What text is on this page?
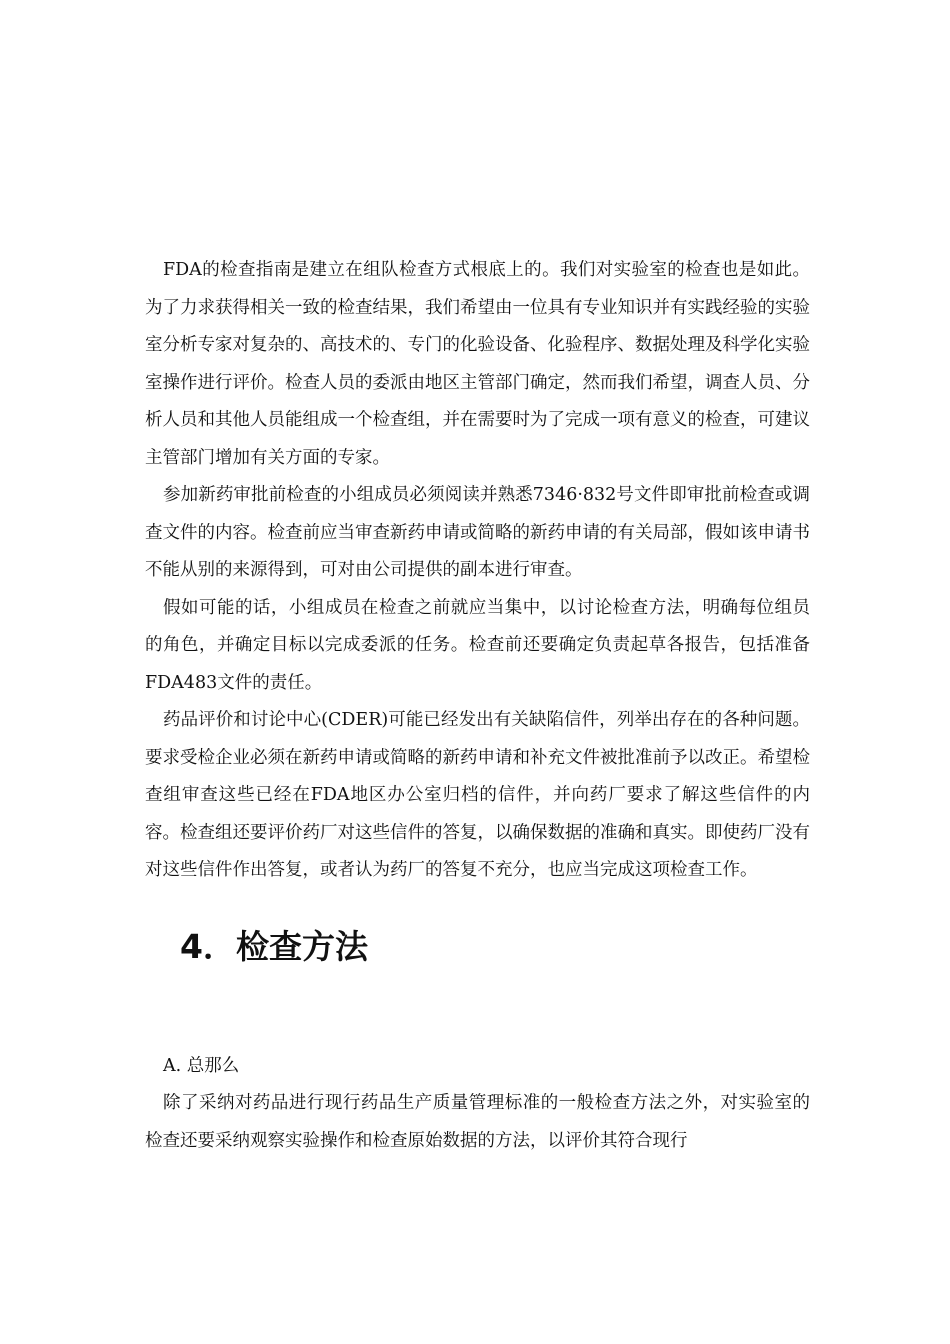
FDA的检查指南是建立在组队检查方式根底上的。我们对实验室的检查也是如此。为了力求获得相关一致的检查结果，我们希望由一位具有专业知识并有实践经验的实验室分析专家对复杂的、高技术的、专门的化验设备、化验程序、数据处理及科学化实验室操作进行评价。检查人员的委派由地区主管部门确定，然而我们希望，调查人员、分析人员和其他人员能组成一个检查组，并在需要时为了完成一项有意义的检查，可建议主管部门增加有关方面的专家。

参加新药审批前检查的小组成员必须阅读并熟悉7346·832号文件即审批前检查或调查文件的内容。检查前应当审查新药申请或简略的新药申请的有关局部，假如该申请书不能从别的来源得到，可对由公司提供的副本进行审查。

假如可能的话，小组成员在检查之前就应当集中，以讨论检查方法，明确每位组员的角色，并确定目标以完成委派的任务。检查前还要确定负责起草各报告，包括准备FDA483文件的责任。

药品评价和讨论中心(CDER)可能已经发出有关缺陷信件，列举出存在的各种问题。要求受检企业必须在新药申请或简略的新药申请和补充文件被批准前予以改正。希望检查组审查这些已经在FDA地区办公室归档的信件，并向药厂要求了解这些信件的内容。检查组还要评价药厂对这些信件的答复，以确保数据的准确和真实。即使药厂没有对这些信件作出答复，或者认为药厂的答复不充分，也应当完成这项检查工作。

4．检查方法

A. 总那么

除了采纳对药品进行现行药品生产质量管理标准的一般检查方法之外，对实验室的检查还要采纳观察实验操作和检查原始数据的方法，以评价其符合现行
